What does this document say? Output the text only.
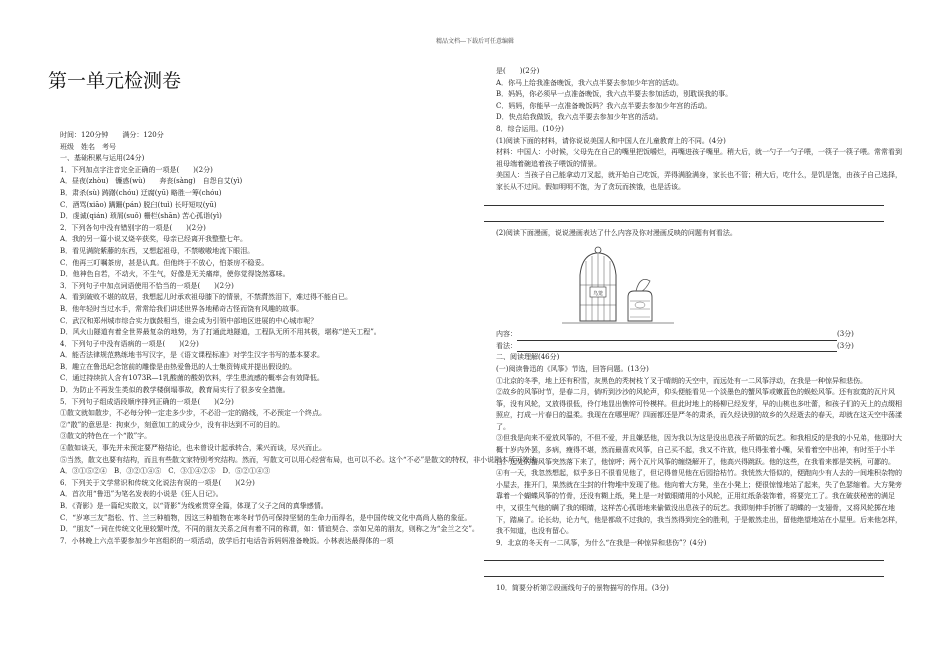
精品文档---下载后可任意编辑
第一单元检测卷
时间：120分钟　　满分：120分
班级　姓名　考号
一、基础积累与运用(24分)
1．下列加点字注音完全正确的一项是(　　)(2分)
A．昼夜(zhòu)　镰惑(wù)　　奔丧(sàng)　自怨自艾(yì)
B．肃杀(sù) 踌躇(chóu) 迂腐(yū) 略胜一筹(chóu)
C．酒骂(xiāo) 蹒跚(pán) 脱臼(tuì) 长吁短叹(yū)
D．虔诚(qián) 琐屑(suǒ) 栅栏(shān) 苦心孤诣(yì)
2．下列各句中没有错别字的一项是(　　)(2分)
A．我的另一篇小说又烧辛获奖，母亲已经离开我整整七年。
B．看见满院紫藤的东西，又想起祖母，不禁嗷嗷地流下眼泪。
C．他再三叮嘱茶房，甚是认真。但他终于不放心，怕茶房不稳妥。
D．他神色自若，不动火，不生气，好像是无关痛痒，使你觉得饶然寡味。
3．下列句子中加点词语使用不恰当的一项是(　　)(2分)
A．看到破败不堪的故居，我想起儿时承欢祖母膝下的情景，不禁潸然泪下，难过得不能自已。
B．他年轻时当过水手，常常给我们讲述世界各地稀奇古怪而饶有风趣的故事。
C．武汉和郑州城市综合实力旗鼓相当，谁会成为引领中部地区进展的中心城市呢？
D．风火山隧道有着全世界最复杂的地势，为了打通此地隧道，工程队无所不用其极，堪称“逆天工程”。
4．下列句子中没有语病的一项是(　　)(2分)
A．能否法律规范熟练地书写汉字，是《语文课程标准》对学生汉字书写的基本要求。
B．趣立在鲁迅纪念馆前的雕像是由热爱鲁迅的人士集资铸成并提出假设的。
C．通过持续抗人含有1073R—1乳酸菌的酸奶饮料，学生患流感的概率会有效降低。
D．为防止不再发生类似的教学楼倒塌事故，教育局实行了很多安全措施。
5．下列句子组成语段顺序排列正确的一项是(　　)(2分)
①散文就如散步，不必每分钟一定走多少步，不必沿一定的路线，不必预定一个终点。
②“散”的意思是：拘束少，刻意加工的成分少，没有非达到不可的目的。
③散文的特色在一个“散”字。
④散如谈天，事先并未预定要严格结论，也未曾设计起承转合，乘兴而谈，尽兴而止。
⑤当然，散文也要有结构，而且有些散文家特别考究结构。然而，写散文可以用心经营布局，也可以不必。这个“不必”是散文的特权，非小说剧本所可效法。
A．③①⑤②④　B．③②①④⑤　C．③①④②⑤　D．⑤②①④③
6．下列关于文学常识和传统文化说法有误的一项是(　　)(2分)
A．首次用“鲁迅”为笔名发表的小说是《狂人日记》。
B．《背影》是一篇纪实散文，以“背影”为线索贯穿全篇，体现了父子之间的真挚感情。
C．“岁寒三友”指松、竹、兰三种植物，因这三种植物在寒冬时节仍可保持坚韧的生命力而得名，是中国传统文化中高尚人格的象征。
D．“朋友”一词在传统文化里较繁叶茂，不同的朋友关系之间有着不同的称谓，如：情谊契合、亲如兄弟的朋友，则称之为“金兰之交”。
7．小林晚上六点半要参加少年宫组织的一项活动，放学后打电话告诉妈妈准备晚饭。小林表达最得体的一项
是(　　)(2分)
A．你马上给我准备晚饭，我六点半要去参加少年宫的活动。
B．妈妈，你必须早一点准备晚饭，我六点半要去参加活动，别耽误我的事。
C．妈妈，你能早一点准备晚饭吗？我六点半要去参加少年宫的活动。
D．快点给我做饭，我六点半要去参加少年宫的活动。
8．综合运用。(10分)
(1)阅读下面的材料，请你说说美国人和中国人在儿童教育上的不同。(4分)
材料：中国人：小时候，父母先在自己的嘴里把饭嚼烂，再嘴进孩子嘴里。稍大后，就一勺子一勺子喂，一筷子一筷子喂。常常看到祖母端着碗追着孩子喂饭的情景。
美国人：当孩子自己能拿动刀叉起，就开始自己吃饭，弄得满脸满身，家长也不管；稍大后，吃什么，是饥是饱，由孩子自己选择，家长从不过问。假如明明不饱，为了贪玩而挨饿，也是活该。
(2)阅读下面漫画，说说漫画表达了什么内容及你对漫画反映的问题有何看法。
鸟笼
内容：	(3分)
看法：	(3分)
二、阅读理解(46分)
(一)阅读鲁迅的《风筝》节选，回答问题。(13分)
①北京的冬季，地上还有积雪，灰黑色的秃树枝丫叉于晴朗的天空中，而远处有一二风筝浮动，在我是一种惊异和悲伤。
②故乡的风筝时节，是春二月，倘听到沙沙的风轮声，仰头便能看见一个淡墨色的蟹风筝或嫩蓝色的蜈蚣风筝。还有寂寞的瓦片风筝，没有风轮，又放得很低，伶仃地显出憔悴可怜模样。但此时地上的杨柳已经发芽，早的山桃也多吐蕾，和孩子们的天上的点缀相照应，打成一片春日的温柔。我现在在哪里呢？四面都还是严冬的肃杀，而久经诀别的故乡的久经逝去的春天，却就在这天空中荡漾了。
③但我是向来不爱放风筝的，不但不爱，并且嫌恶他，因为我以为这是没出息孩子所做的玩艺。和我相反的是我的小兄弟，他那时大概十岁内外罢，多病，瘦得不堪，然而最喜欢风筝，自己买不起，我又不许放，他只得张着小嘴，呆看着空中出神，有时至于小半日。远处的蟹风筝突然落下来了，他惊呼；两个瓦片风筝的缠绕解开了，他高兴得跳跃。他的这些，在我看来都是笑柄，可鄙的。
④有一天，我忽然想起，似乎多日不很看见他了，但记得曾见他在后园拾枯竹。我恍然大悟似的，便跑向少有人去的一间堆积杂物的小屋去，推开门，果然就在尘封的什物堆中发现了他。他向着大方凳，坐在小凳上；便很惊惶地站了起来，失了色瑟缩着。大方凳旁靠着一个蝴蝶风筝的竹骨，还没有糊上纸，凳上是一对做眼睛用的小风轮，正用红纸条装饰着，将要完工了。我在破获秘密的满足中，又很生气他的瞒了我的眼睛，这样苦心孤诣地来偷做没出息孩子的玩艺。我即刻伸手折断了胡蝶的一支翅骨，又将风轮掷在地下，踏扁了。论长幼，论力气，他是都敌不过我的，我当然得到完全的胜利，于是傲然走出，留他绝望地站在小屋里。后来他怎样，我不知道，也没有留心。
9．北京的冬天有一二风筝，为什么“在我是一种惊异和悲伤”？(4分)
10．简要分析第②段画线句子的景物描写的作用。(3分)
